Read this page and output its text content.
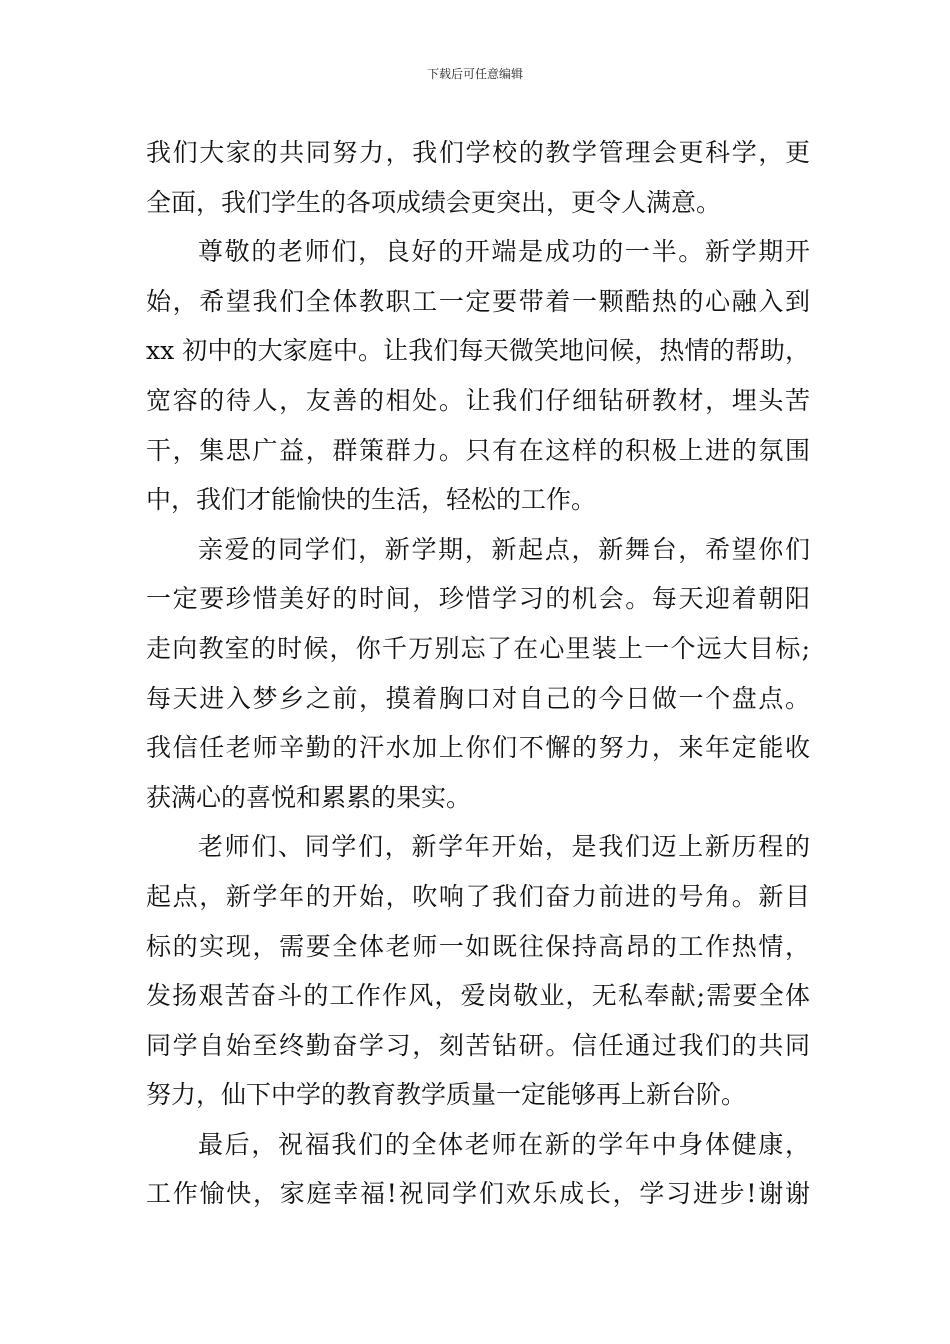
下载后可任意编辑
我们大家的共同努力，我们学校的教学管理会更科学，更
全面，我们学生的各项成绩会更突出，更令人满意。
尊敬的老师们，良好的开端是成功的一半。新学期开
始，希望我们全体教职工一定要带着一颗酷热的心融入到
xx 初中的大家庭中。让我们每天微笑地问候，热情的帮助，
宽容的待人，友善的相处。让我们仔细钻研教材，埋头苦
干，集思广益，群策群力。只有在这样的积极上进的氛围
中，我们才能愉快的生活，轻松的工作。
亲爱的同学们，新学期，新起点，新舞台，希望你们
一定要珍惜美好的时间，珍惜学习的机会。每天迎着朝阳
走向教室的时候，你千万别忘了在心里装上一个远大目标;
每天进入梦乡之前，摸着胸口对自己的今日做一个盘点。
我信任老师辛勤的汗水加上你们不懈的努力，来年定能收
获满心的喜悦和累累的果实。
老师们、同学们，新学年开始，是我们迈上新历程的
起点，新学年的开始，吹响了我们奋力前进的号角。新目
标的实现，需要全体老师一如既往保持高昂的工作热情，
发扬艰苦奋斗的工作作风，爱岗敬业，无私奉献;需要全体
同学自始至终勤奋学习，刻苦钻研。信任通过我们的共同
努力，仙下中学的教育教学质量一定能够再上新台阶。
最后，祝福我们的全体老师在新的学年中身体健康，
工作愉快，家庭幸福!祝同学们欢乐成长，学习进步!谢谢
